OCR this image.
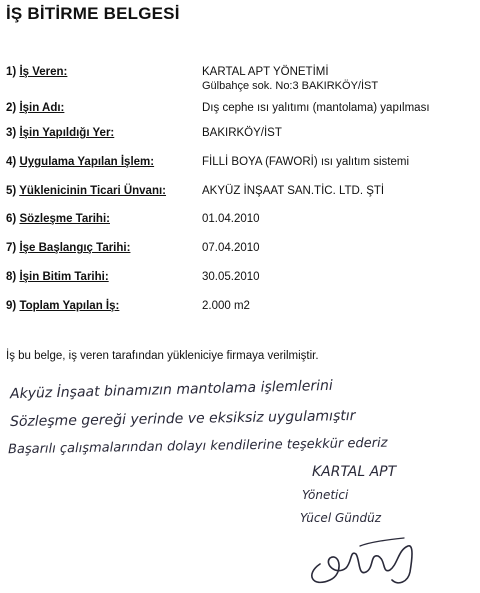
İŞ BİTİRME BELGESİ
1) İş Veren:	KARTAL APT YÖNETİMİ
Gülbahçe sok. No:3 BAKIRKÖY/İST
2) İşin Adı:	Dış cephe ısı yalıtımı (mantolama) yapılması
3) İşin Yapıldığı Yer:	BAKIRKÖY/İST
4) Uygulama Yapılan İşlem:	FİLLİ BOYA (FAWORİ) ısı yalıtım sistemi
5) Yüklenicinin Ticari Ünvanı:	AKYÜZ İNŞAAT SAN.TİC. LTD. ŞTİ
6) Sözleşme Tarihi:	01.04.2010
7) İşe Başlangıç Tarihi:	07.04.2010
8) İşin Bitim Tarihi:	30.05.2010
9) Toplam Yapılan İş:	2.000 m2
İş bu belge, iş veren tarafından yükleniciye firmaya verilmiştir.
Akyüz İnşaat binamızın mantolama işlemlerini
Sözleşme gereği yerinde ve eksiksiz uygulamıştır
Başarılı çalışmalarından dolayı kendilerine teşekkür ederiz
KARTAL APT
Yönetici
Yücel Gündüz
